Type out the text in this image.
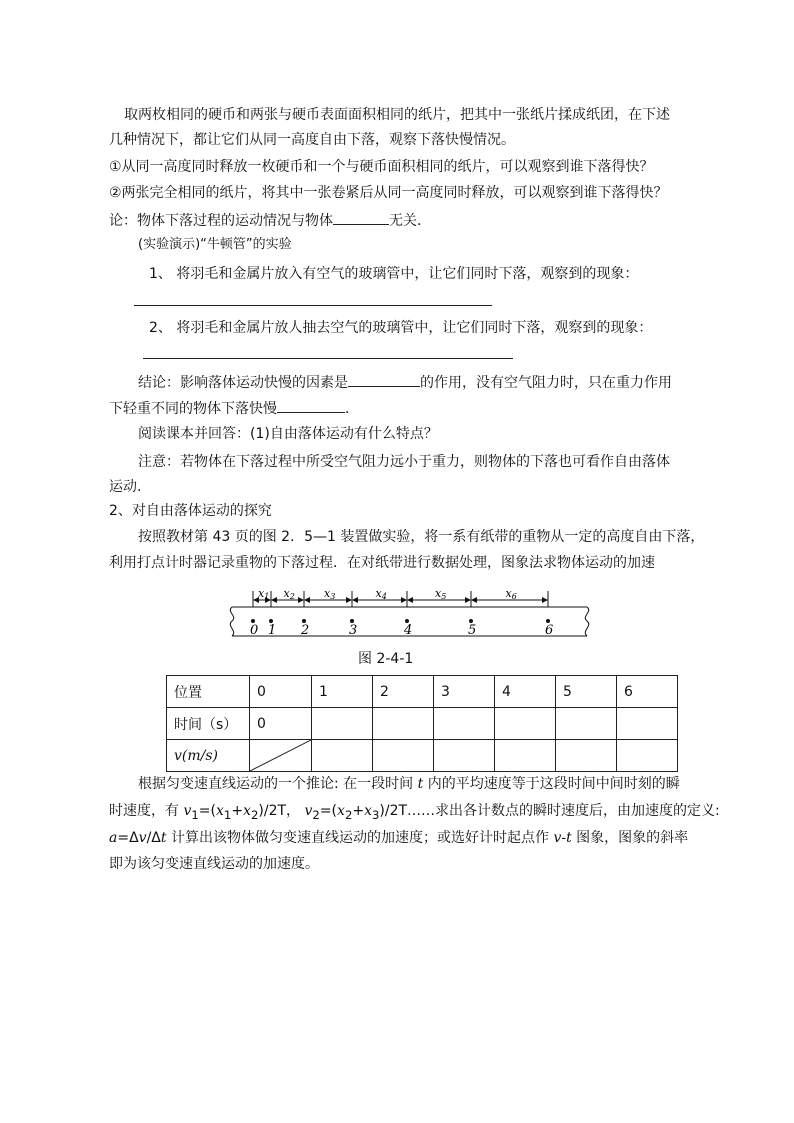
取两枚相同的硬币和两张与硬币表面面积相同的纸片，把其中一张纸片揉成纸团，在下述
几种情况下，都让它们从同一高度自由下落，观察下落快慢情况。
①从同一高度同时释放一枚硬币和一个与硬币面积相同的纸片，可以观察到谁下落得快？
②两张完全相同的纸片，将其中一张卷紧后从同一高度同时释放，可以观察到谁下落得快？
论：物体下落过程的运动情况与物体	无关．
(实验演示)“牛顿管”的实验
1、 将羽毛和金属片放入有空气的玻璃管中，让它们同时下落，观察到的现象：
2、 将羽毛和金属片放人抽去空气的玻璃管中，让它们同时下落，观察到的现象：
结论：影响落体运动快慢的因素是	的作用，没有空气阻力时，只在重力作用
下轻重不同的物体下落快慢	．
阅读课本并回答：(1)自由落体运动有什么特点？
注意：若物体在下落过程中所受空气阻力远小于重力，则物体的下落也可看作自由落体
运动.
2、对自由落体运动的探究
按照教材第 43 页的图 2．5—1 装置做实验，将一系有纸带的重物从一定的高度自由下落，
利用打点计时器记录重物的下落过程．在对纸带进行数据处理，图象法求物体运动的加速
x1 x2	x3	x4	x5	x6
0 1 2	3	4	5	6
图 2-4-1
位置	0	1	2	3	4	5	6
时间（s）	0						
v(m/s)	

根据匀变速直线运动的一个推论: 在一段时间 t 内的平均速度等于这段时间中间时刻的瞬
时速度，有 $v_1=(x_1+x_2)/2T$， $v_2=(x_2+x_3)/2T\dots\dots$求出各计数点的瞬时速度后，由加速度的定义:
a=Δv/Δt 计算出该物体做匀变速直线运动的加速度；或选好计时起点作 v-t 图象，图象的斜率
即为该匀变速直线运动的加速度。
